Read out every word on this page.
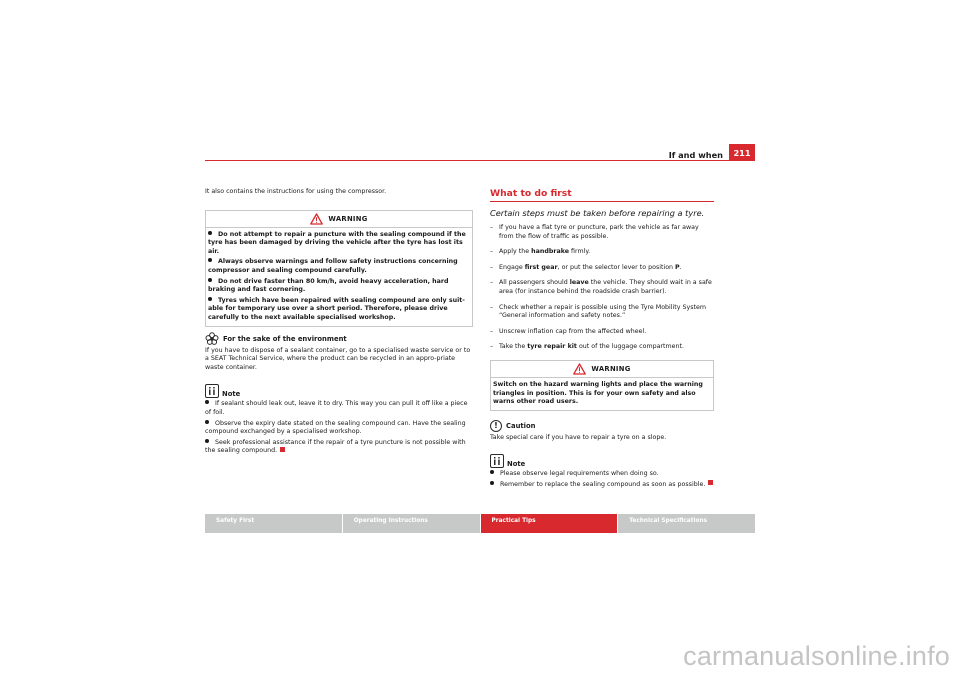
If and when	211

It also contains the instructions for using the compressor.

WARNING

Do not attempt to repair a puncture with the sealing compound if the tyre has been damaged by driving the vehicle after the tyre has lost its air.

Always observe warnings and follow safety instructions concerning compressor and sealing compound carefully.

Do not drive faster than 80 km/h, avoid heavy acceleration, hard braking and fast cornering.

Tyres which have been repaired with sealing compound are only suit-able for temporary use over a short period. Therefore, please drive carefully to the next available specialised workshop.

For the sake of the environment

If you have to dispose of a sealant container, go to a specialised waste service or to a SEAT Technical Service, where the product can be recycled in an appro-priate waste container.

Note

If sealant should leak out, leave it to dry. This way you can pull it off like a piece of foil.

Observe the expiry date stated on the sealing compound can. Have the sealing compound exchanged by a specialised workshop.

Seek professional assistance if the repair of a tyre puncture is not possible with the sealing compound.

What to do first
Certain steps must be taken before repairing a tyre.
– If you have a flat tyre or puncture, park the vehicle as far away from the flow of traffic as possible.
– Apply the handbrake firmly.
– Engage first gear, or put the selector lever to position P.
– All passengers should leave the vehicle. They should wait in a safe area (for instance behind the roadside crash barrier).
– Check whether a repair is possible using the Tyre Mobility System “General information and safety notes.”
– Unscrew inflation cap from the affected wheel.
– Take the tyre repair kit out of the luggage compartment.
WARNING

Switch on the hazard warning lights and place the warning triangles in position. This is for your own safety and also warns other road users.

!	Caution

Take special care if you have to repair a tyre on a slope.

Note

Please observe legal requirements when doing so.

Remember to replace the sealing compound as soon as possible.

Safety First	Operating Instructions	Practical Tips	Technical Specifications
carmanualsonline.info
